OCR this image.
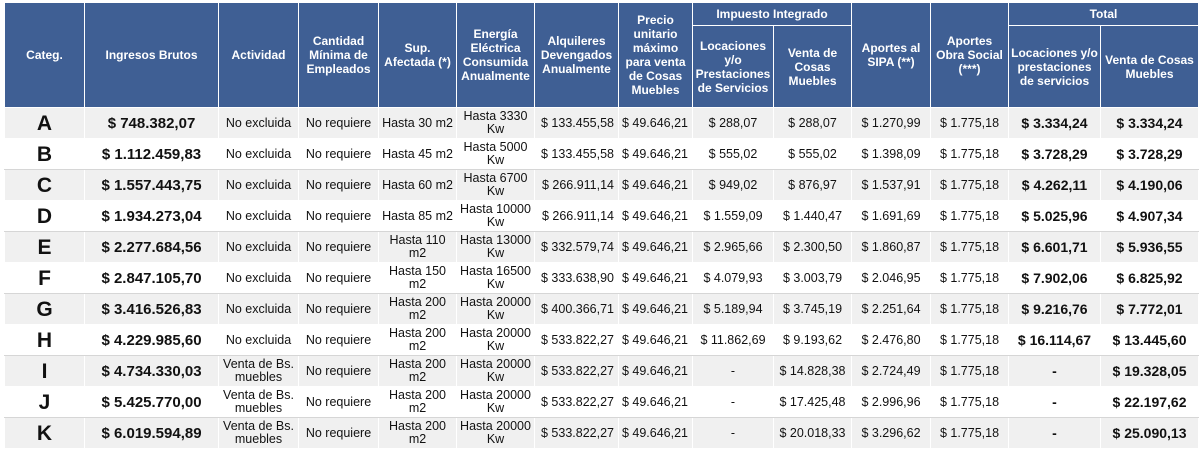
Categ.	Ingresos Brutos	Actividad	Cantidad Mínima de Empleados	Sup. Afectada (*)	Energía Eléctrica Consumida Anualmente	Alquileres Devengados Anualmente	Precio unitario máximo para venta de Cosas Muebles	Impuesto Integrado		Aportes al SIPA (**)	Aportes Obra Social (***)	Total	
								Locaciones y/o Prestaciones de Servicios	Venta de Cosas Muebles			Locaciones y/o prestaciones de servicios	Venta de Cosas Muebles
A	$ 748.382,07	No excluida	No requiere	Hasta 30 m2	Hasta 3330 Kw	$ 133.455,58	$ 49.646,21	$ 288,07	$ 288,07	$ 1.270,99	$ 1.775,18	$ 3.334,24	$ 3.334,24
B	$ 1.112.459,83	No excluida	No requiere	Hasta 45 m2	Hasta 5000 Kw	$ 133.455,58	$ 49.646,21	$ 555,02	$ 555,02	$ 1.398,09	$ 1.775,18	$ 3.728,29	$ 3.728,29
C	$ 1.557.443,75	No excluida	No requiere	Hasta 60 m2	Hasta 6700 Kw	$ 266.911,14	$ 49.646,21	$ 949,02	$ 876,97	$ 1.537,91	$ 1.775,18	$ 4.262,11	$ 4.190,06
D	$ 1.934.273,04	No excluida	No requiere	Hasta 85 m2	Hasta 10000 Kw	$ 266.911,14	$ 49.646,21	$ 1.559,09	$ 1.440,47	$ 1.691,69	$ 1.775,18	$ 5.025,96	$ 4.907,34
E	$ 2.277.684,56	No excluida	No requiere	Hasta 110 m2	Hasta 13000 Kw	$ 332.579,74	$ 49.646,21	$ 2.965,66	$ 2.300,50	$ 1.860,87	$ 1.775,18	$ 6.601,71	$ 5.936,55
F	$ 2.847.105,70	No excluida	No requiere	Hasta 150 m2	Hasta 16500 Kw	$ 333.638,90	$ 49.646,21	$ 4.079,93	$ 3.003,79	$ 2.046,95	$ 1.775,18	$ 7.902,06	$ 6.825,92
G	$ 3.416.526,83	No excluida	No requiere	Hasta 200 m2	Hasta 20000 Kw	$ 400.366,71	$ 49.646,21	$ 5.189,94	$ 3.745,19	$ 2.251,64	$ 1.775,18	$ 9.216,76	$ 7.772,01
H	$ 4.229.985,60	No excluida	No requiere	Hasta 200 m2	Hasta 20000 Kw	$ 533.822,27	$ 49.646,21	$ 11.862,69	$ 9.193,62	$ 2.476,80	$ 1.775,18	$ 16.114,67	$ 13.445,60
I	$ 4.734.330,03	Venta de Bs. muebles	No requiere	Hasta 200 m2	Hasta 20000 Kw	$ 533.822,27	$ 49.646,21	-	$ 14.828,38	$ 2.724,49	$ 1.775,18	-	$ 19.328,05
J	$ 5.425.770,00	Venta de Bs. muebles	No requiere	Hasta 200 m2	Hasta 20000 Kw	$ 533.822,27	$ 49.646,21	-	$ 17.425,48	$ 2.996,96	$ 1.775,18	-	$ 22.197,62
K	$ 6.019.594,89	Venta de Bs. muebles	No requiere	Hasta 200 m2	Hasta 20000 Kw	$ 533.822,27	$ 49.646,21	-	$ 20.018,33	$ 3.296,62	$ 1.775,18	-	$ 25.090,13
